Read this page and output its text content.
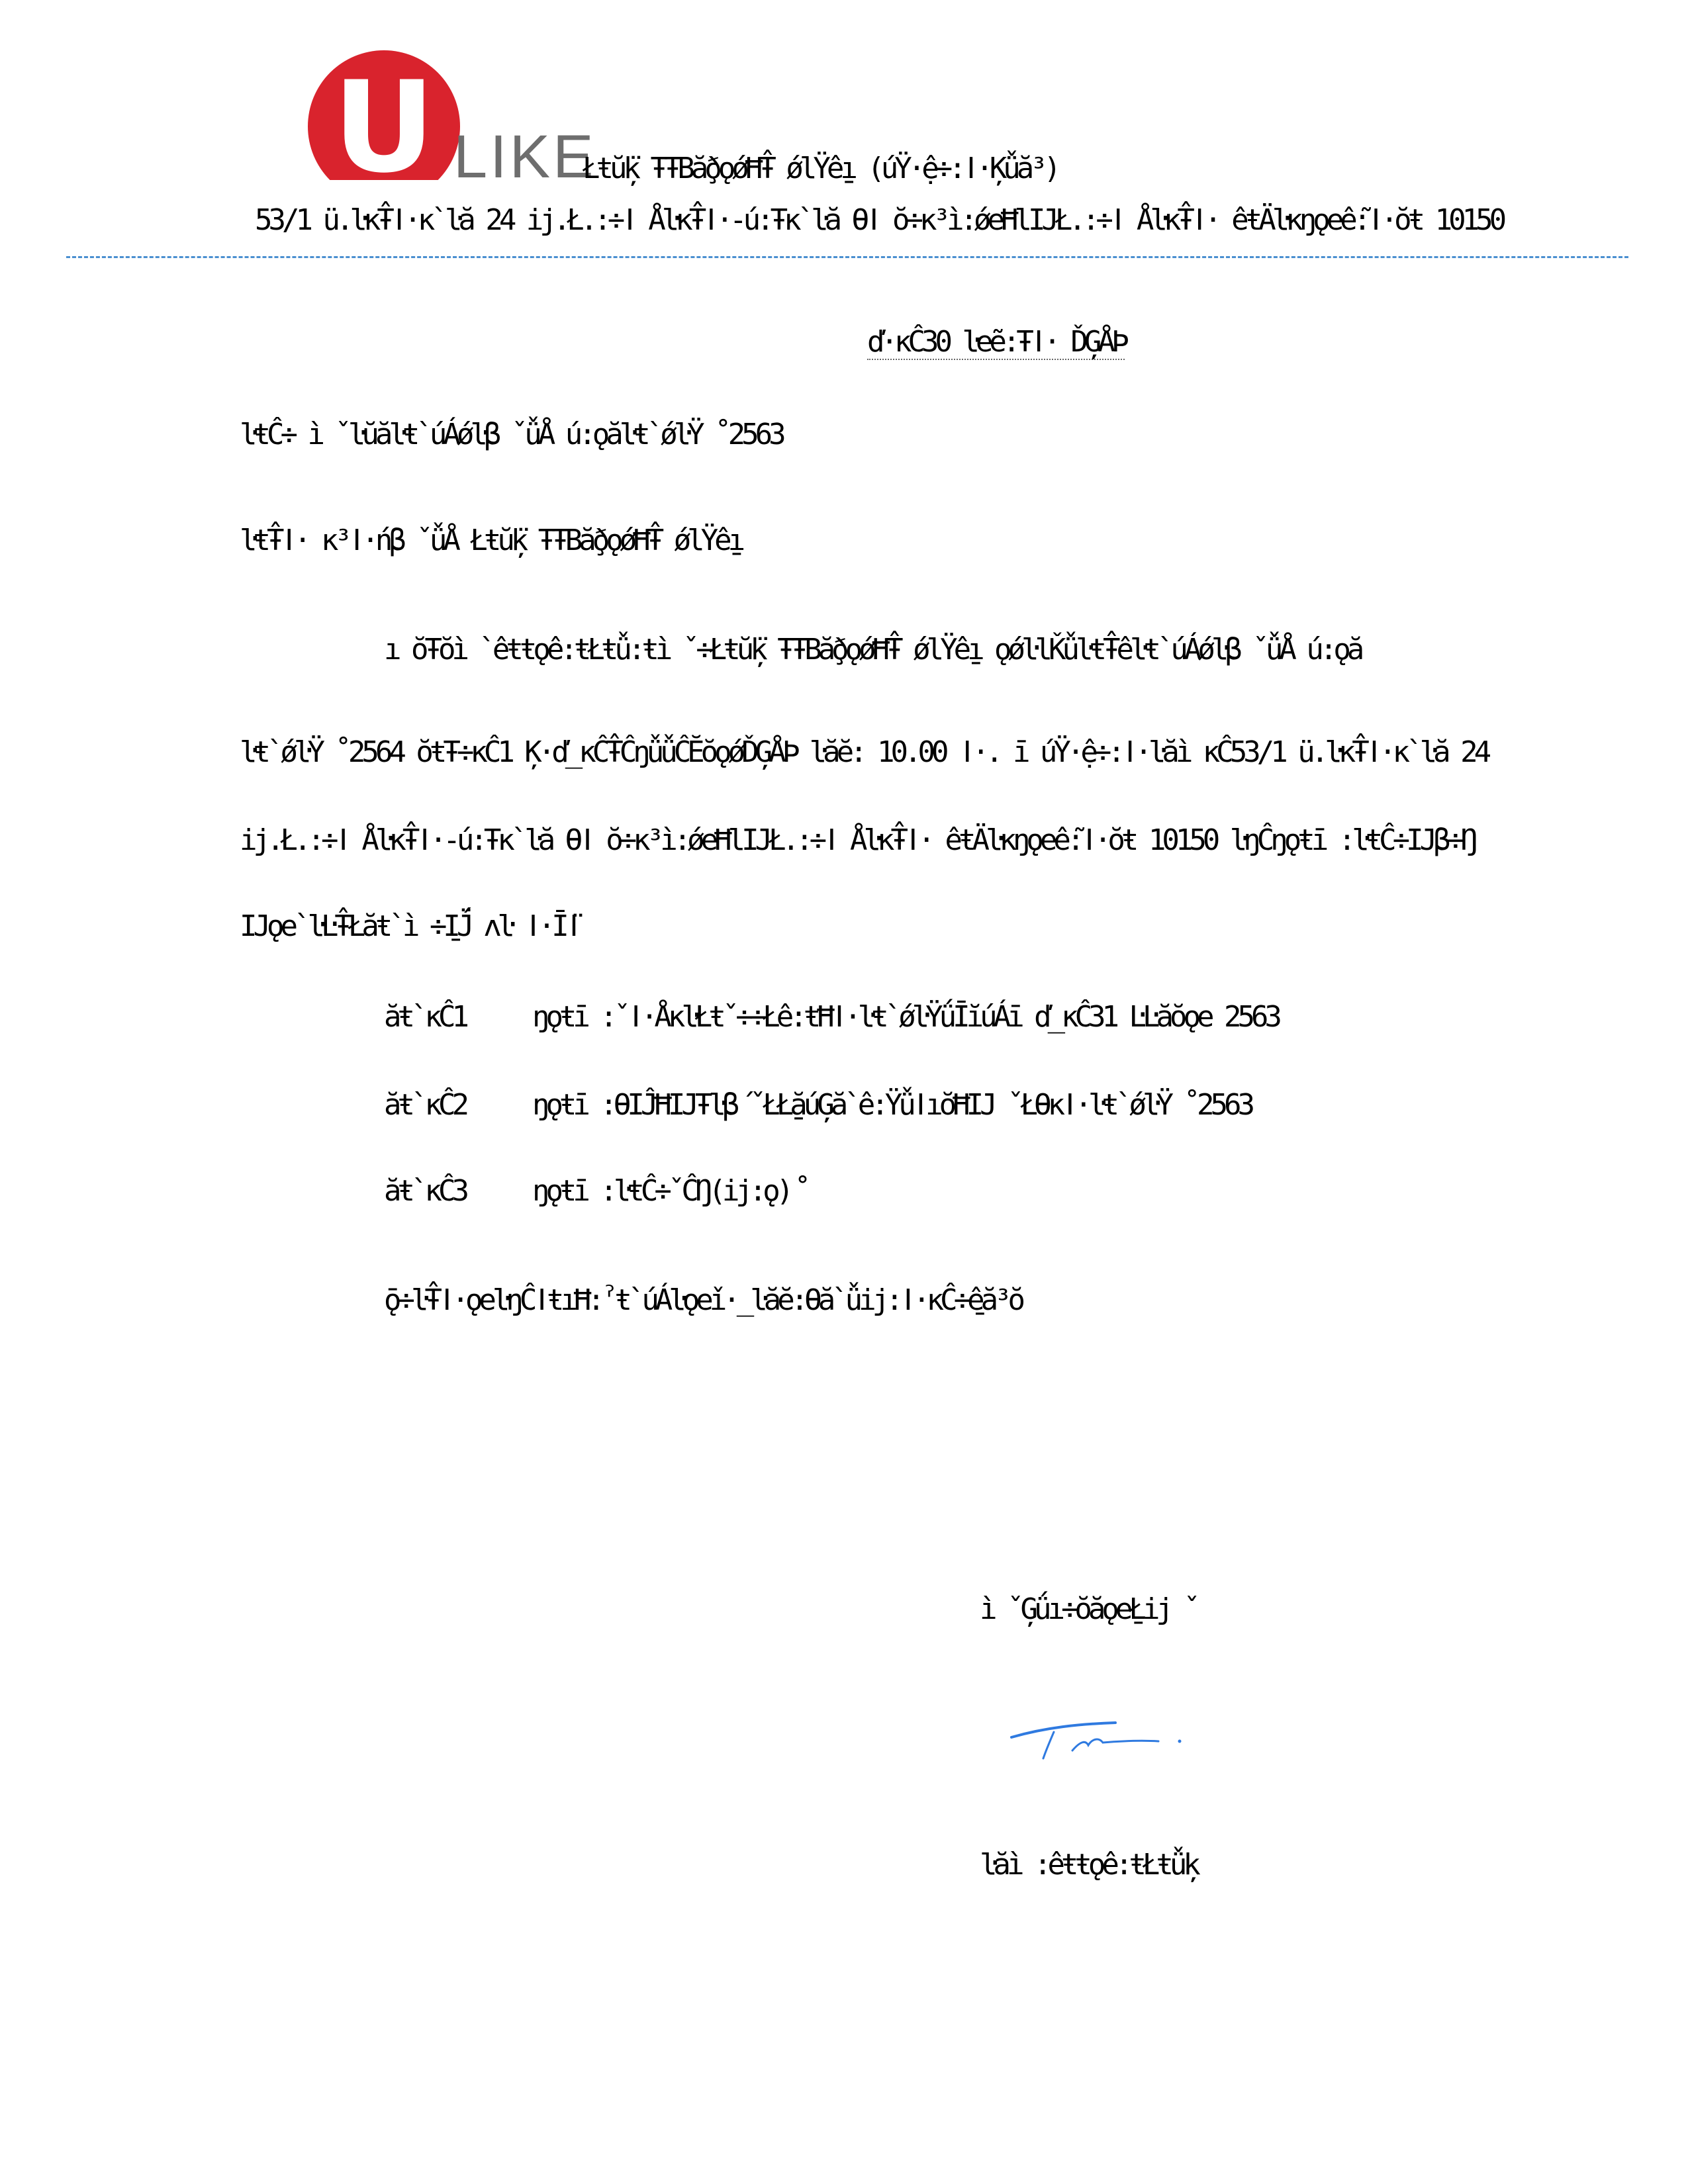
U LIKE
Łŧŭ̈ķ ŦŦBăð̧ǫǿĦŦ̂ ǿlŸêı̱ (úŸ·ệ÷:ǀ·Ķǚă³)
53/1 ü.ŀĸŦ̂ǀ·ĸ`ŀă 24 ij.Ł.:÷ǀ ÅŀĸŦ̂ǀ·-ú:Ŧĸ`ŀă Ɵǀ ŏ÷ĸ³ì:ǿeĦlIJŁ.:÷ǀ ÅŀĸŦ̂ǀ· êŧÄŀĸŋǫeễ:ǀ·ŏŧ 10150
ď·ĸĈ30 ŀeẽ:Ŧǀ· ĎĢÅÞ
ŀŧĈ÷ ì ˇŀŭăŀŧ`úÁǿŀβ ˇǚÅ ú:ǫăŀŧ`ǿŀŸ ˚2563
ŀŧŦ̂ǀ· ĸ³ǀ·ńβ ˇǚÅ Łŧŭ̈ķ ŦŦBăð̧ǫǿĦŦ̂ ǿlŸêı̱
ı ŏŦŏì `êŧŧǫê:ŧŁŧǚ:ŧì ˇ÷Łŧŭ̈ķ ŦŦBăð̧ǫǿĦŦ̂ ǿlŸêı̱ ǫǿŀlǨǚŀŧŦ̂êŀŧ`úÁǿŀβ ˇǚÅ ú:ǫă
ŀŧ`ǿŀŸ ˚2564 ŏŧŦ÷ĸĈ1 Ķ·ď_ĸĈŦ̂ĈŋǚǚĈĔŏǫǿĎĢÅÞ ŀăĕ: 10.00 ǀ·. ī úŸ·ệ÷:ǀ·ŀăì ĸĈ53/1 ü.ŀĸŦ̂ǀ·ĸ`ŀă 24
ij.Ł.:÷ǀ ÅŀĸŦ̂ǀ·-ú:Ŧĸ`ŀă Ɵǀ ŏ÷ĸ³ì:ǿeĦlIJŁ.:÷ǀ ÅŀĸŦ̂ǀ· êŧÄŀĸŋǫeễ:ǀ·ŏŧ 10150 ŀŋĈŋǫŧī :ŀŧĈ÷IJβ÷Ŋ
IJǫe`ŀĿŦ̂Łăŧ`ì ÷̱IJ̈́ ʌŀ ǀ·Ī̈ǀ
ăŧ`ĸĈ1 ŋǫŧī :ˇǀ·ÅĸŀŁŧˇ÷÷Łê:ŧĦǀ·ŀŧ`ǿŀŸǘĪĭúÁī ď_ĸĈ31 ĿĿăŏǫe 2563
ăŧ`ĸĈ2 ŋǫŧī :ƟIĴĦIJŦŀβ́ ˇŁŁă̱úĢă`ê:ŸǚǀıŏĦIJ ˇŁƟĸǀ·ŀŧ`ǿŀŸ ˚2563
ăŧ`ĸĈ3 ŋǫŧī :ŀŧĈ÷ˇĈŊ(ij:ǫ)̊
ǭ÷ŀŦ̂ǀ·ǫeŀŋĈǀŧıĦ:ˀŧ`úÁŀǫeǐ·_ŀăĕ:Ɵă`ǚij:ǀ·ĸĈ÷̱êă³ŏ
ì ˇĢǘı÷ŏăǫeŁ̱ij ˇ
ŀăì :êŧŧǫê:ŧŁŧǚķ
